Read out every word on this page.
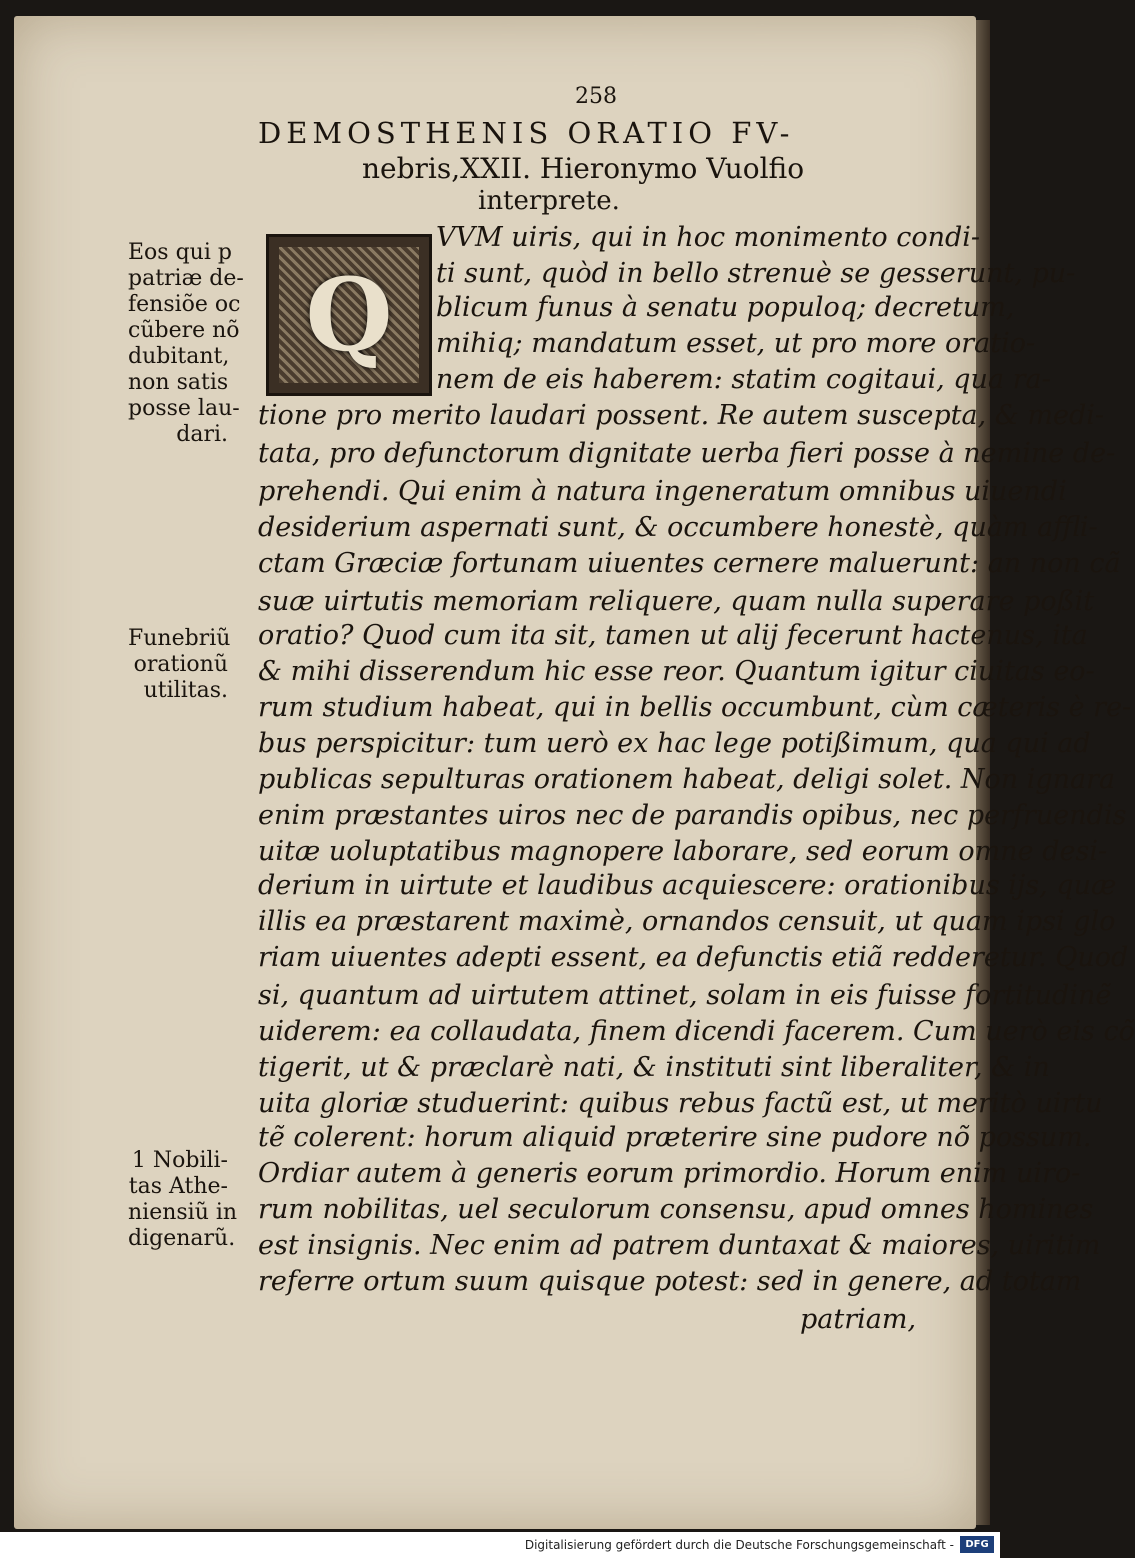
258
DEMOSTHENIS ORATIO FV-
nebris,XXII. Hieronymo Vuolfio
interprete.
Q
VVM uiris, qui in hoc monimento condi-
ti sunt, quòd in bello strenuè se gesserunt, pu-
blicum funus à senatu populoq; decretum,
mihiq; mandatum esset, ut pro more oratio-
nem de eis haberem: statim cogitaui, qua ra-
tione pro merito laudari possent. Re autem suscepta, & medi-
tata, pro defunctorum dignitate uerba fieri posse à nemine de-
prehendi. Qui enim à natura ingeneratum omnibus uiuendi
desiderium aspernati sunt, & occumbere honestè, quàm affli-
ctam Græciæ fortunam uiuentes cernere maluerunt: an non cã
suæ uirtutis memoriam reliquere, quam nulla superare poßit
oratio? Quod cum ita sit, tamen ut alij fecerunt hactenus, ita
& mihi disserendum hic esse reor. Quantum igitur ciuitas eo-
rum studium habeat, qui in bellis occumbunt, cùm cæteris è re-
bus perspicitur: tum uerò ex hac lege potißimum, qua qui ad
publicas sepulturas orationem habeat, deligi solet. Non ignara
enim præstantes uiros nec de parandis opibus, nec perfruendis
uitæ uoluptatibus magnopere laborare, sed eorum omne desi-
derium in uirtute et laudibus acquiescere: orationibus ijs, quæ
illis ea præstarent maximè, ornandos censuit, ut quam ipsi glo
riam uiuentes adepti essent, ea defunctis etiã redderetur. Quod
si, quantum ad uirtutem attinet, solam in eis fuisse fortitudinẽ
uiderem: ea collaudata, finem dicendi facerem. Cum uerò eis cõ
tigerit, ut & præclarè nati, & instituti sint liberaliter, & in
uita gloriæ studuerint: quibus rebus factũ est, ut meritò uirtu
tẽ colerent: horum aliquid præterire sine pudore nõ possum.
Ordiar autem à generis eorum primordio. Horum enim uiro-
rum nobilitas, uel seculorum consensu, apud omnes homines
est insignis. Nec enim ad patrem duntaxat & maiores, uiritim
referre ortum suum quisque potest: sed in genere, ad totam
patriam,
Eos qui p
patriæ de-
fensiõe oc
cũbere nõ
dubitant,
non satis
posse lau-
dari.
Funebriũ
orationũ
utilitas.
1 Nobili-
tas Athe-
niensiũ in
digenarũ.
Digitalisierung gefördert durch die Deutsche Forschungsgemeinschaft -	DFG
